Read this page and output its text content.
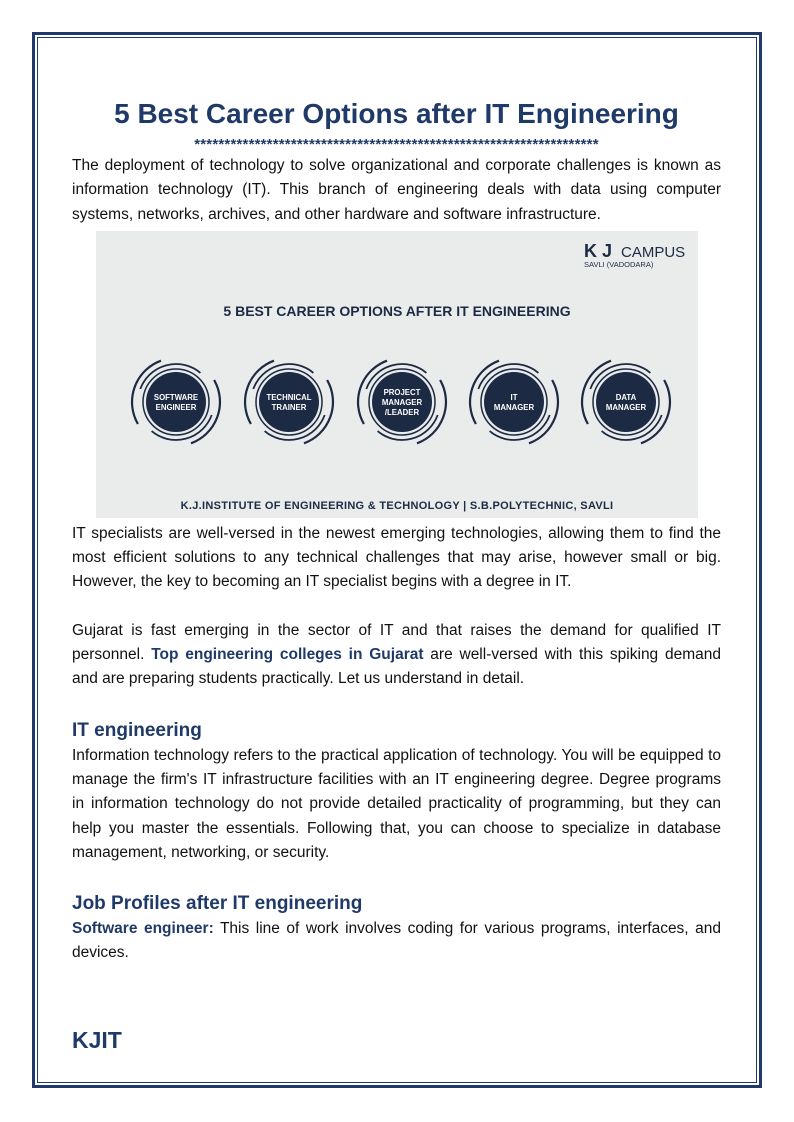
5 Best Career Options after IT Engineering
*******************************************************************

The deployment of technology to solve organizational and corporate challenges is known as information technology (IT). This branch of engineering deals with data using computer systems, networks, archives, and other hardware and software infrastructure.

K J CAMPUS
SAVLI (VADODARA)
5 BEST CAREER OPTIONS AFTER IT ENGINEERING
SOFTWARE
ENGINEER
TECHNICAL
TRAINER
PROJECT
MANAGER
/LEADER
IT
MANAGER
DATA
MANAGER
K.J.INSTITUTE OF ENGINEERING & TECHNOLOGY | S.B.POLYTECHNIC, SAVLI

IT specialists are well-versed in the newest emerging technologies, allowing them to find the most efficient solutions to any technical challenges that may arise, however small or big. However, the key to becoming an IT specialist begins with a degree in IT.

Gujarat is fast emerging in the sector of IT and that raises the demand for qualified IT personnel. Top engineering colleges in Gujarat are well-versed with this spiking demand and are preparing students practically. Let us understand in detail.

IT engineering

Information technology refers to the practical application of technology. You will be equipped to manage the firm's IT infrastructure facilities with an IT engineering degree. Degree programs in information technology do not provide detailed practicality of programming, but they can help you master the essentials. Following that, you can choose to specialize in database management, networking, or security.

Job Profiles after IT engineering

Software engineer: This line of work involves coding for various programs, interfaces, and devices.

KJIT
